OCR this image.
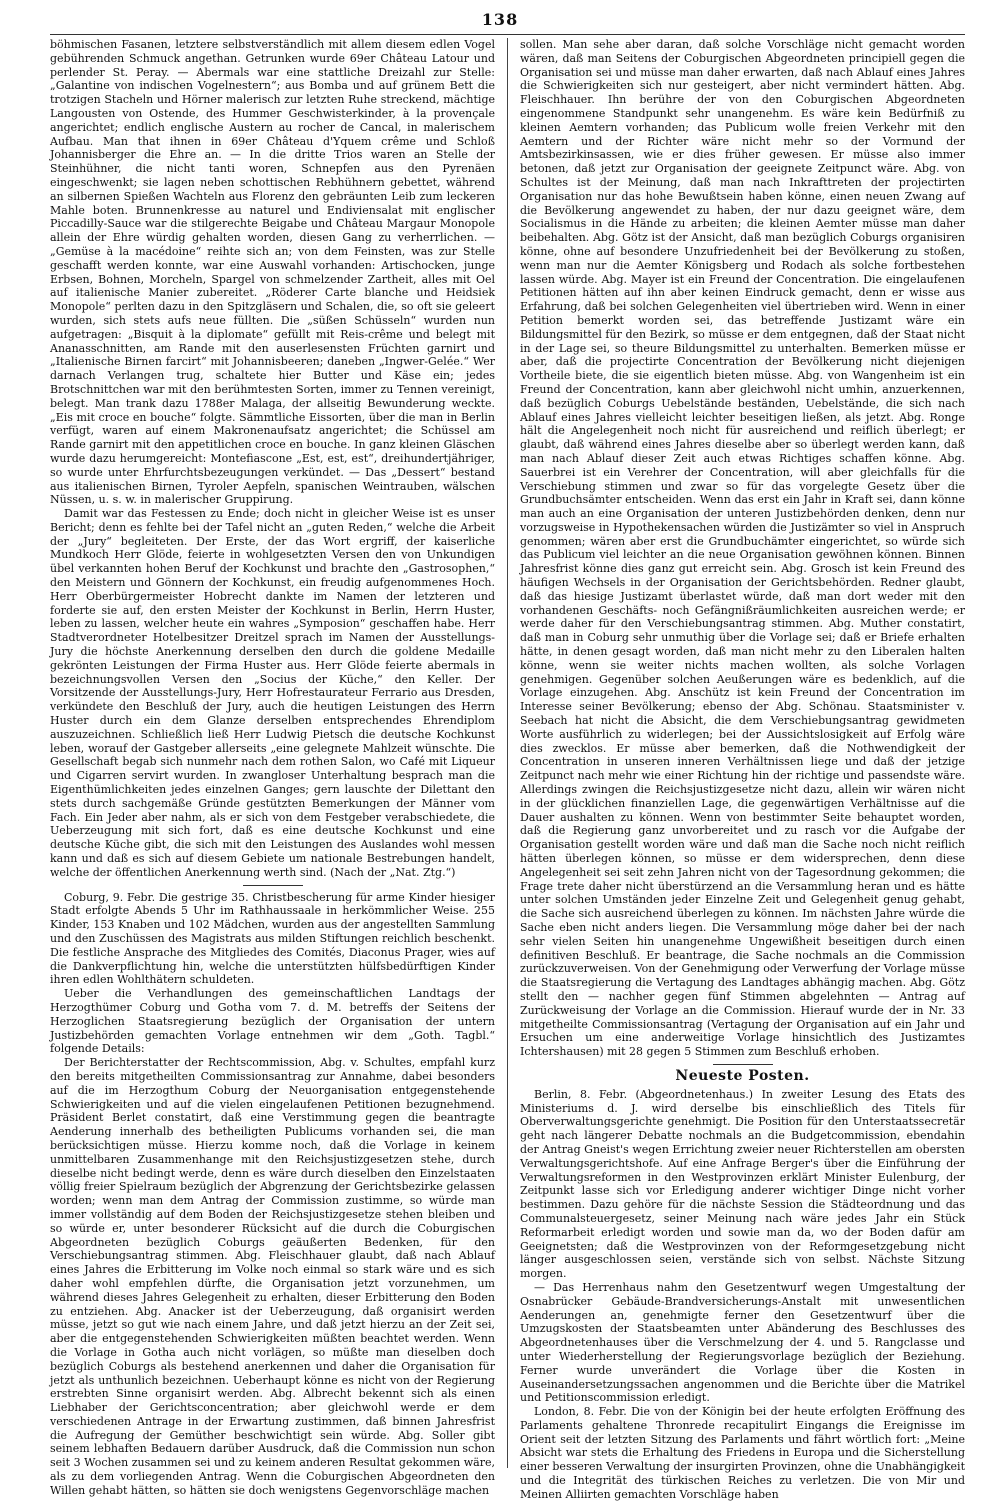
138

böhmischen Fasanen, letztere selbstverständlich mit allem diesem edlen Vogel gebührenden Schmuck angethan. Getrunken wurde 69er Château Latour und perlender St. Peray. — Abermals war eine stattliche Dreizahl zur Stelle: „Galantine von indischen Vogelnestern“; aus Bomba und auf grünem Bett die trotzigen Stacheln und Hörner malerisch zur letzten Ruhe streckend, mächtige Langousten von Ostende, des Hummer Geschwisterkinder, à la provençale angerichtet; endlich englische Austern au rocher de Cancal, in malerischem Aufbau. Man that ihnen in 69er Château d'Yquem crême und Schloß Johannisberger die Ehre an. — In die dritte Trios waren an Stelle der Steinhühner, die nicht tanti woren, Schnepfen aus den Pyrenäen eingeschwenkt; sie lagen neben schottischen Rebhühnern gebettet, während an silbernen Spießen Wachteln aus Florenz den gebräunten Leib zum leckeren Mahle boten. Brunnenkresse au naturel und Endiviensalat mit englischer Piccadilly-Sauce war die stilgerechte Beigabe und Château Margaur Monopole allein der Ehre würdig gehalten worden, diesen Gang zu verherrlichen. — „Gemüse à la macédoine“ reihte sich an; von dem Feinsten, was zur Stelle geschafft werden konnte, war eine Auswahl vorhanden: Artischocken, junge Erbsen, Bohnen, Morcheln, Spargel von schmelzender Zartheit, alles mit Oel auf italienische Manier zubereitet. „Röderer Carte blanche und Heidsiek Monopole“ perlten dazu in den Spitzgläsern und Schalen, die, so oft sie geleert wurden, sich stets aufs neue füllten. Die „süßen Schüsseln“ wurden nun aufgetragen: „Bisquit à la diplomate“ gefüllt mit Reis-crême und belegt mit Ananasschnitten, am Rande mit den auserlesensten Früchten garnirt und „Italienische Birnen farcirt“ mit Johannisbeeren; daneben „Ingwer-Gelée.“ Wer darnach Verlangen trug, schaltete hier Butter und Käse ein; jedes Brotschnittchen war mit den berühmtesten Sorten, immer zu Tennen vereinigt, belegt. Man trank dazu 1788er Malaga, der allseitig Bewunderung weckte. „Eis mit croce en bouche“ folgte. Sämmtliche Eissorten, über die man in Berlin verfügt, waren auf einem Makronenaufsatz angerichtet; die Schüssel am Rande garnirt mit den appetitlichen croce en bouche. In ganz kleinen Gläschen wurde dazu herumgereicht: Montefiascone „Est, est, est“, dreihundertjähriger, so wurde unter Ehrfurchtsbezeugungen verkündet. — Das „Dessert“ bestand aus italienischen Birnen, Tyroler Aepfeln, spanischen Weintrauben, wälschen Nüssen, u. s. w. in malerischer Gruppirung.

Damit war das Festessen zu Ende; doch nicht in gleicher Weise ist es unser Bericht; denn es fehlte bei der Tafel nicht an „guten Reden,“ welche die Arbeit der „Jury“ begleiteten. Der Erste, der das Wort ergriff, der kaiserliche Mundkoch Herr Glöde, feierte in wohlgesetzten Versen den von Unkundigen übel verkannten hohen Beruf der Kochkunst und brachte den „Gastrosophen,“ den Meistern und Gönnern der Kochkunst, ein freudig aufgenommenes Hoch. Herr Oberbürgermeister Hobrecht dankte im Namen der letzteren und forderte sie auf, den ersten Meister der Kochkunst in Berlin, Herrn Huster, leben zu lassen, welcher heute ein wahres „Symposion“ geschaffen habe. Herr Stadtverordneter Hotelbesitzer Dreitzel sprach im Namen der Ausstellungs-Jury die höchste Anerkennung derselben den durch die goldene Medaille gekrönten Leistungen der Firma Huster aus. Herr Glöde feierte abermals in bezeichnungsvollen Versen den „Socius der Küche,“ den Keller. Der Vorsitzende der Ausstellungs-Jury, Herr Hofrestaurateur Ferrario aus Dresden, verkündete den Beschluß der Jury, auch die heutigen Leistungen des Herrn Huster durch ein dem Glanze derselben entsprechendes Ehrendiplom auszuzeichnen. Schließlich ließ Herr Ludwig Pietsch die deutsche Kochkunst leben, worauf der Gastgeber allerseits „eine gelegnete Mahlzeit wünschte. Die Gesellschaft begab sich nunmehr nach dem rothen Salon, wo Café mit Liqueur und Cigarren servirt wurden. In zwangloser Unterhaltung besprach man die Eigenthümlichkeiten jedes einzelnen Ganges; gern lauschte der Dilettant den stets durch sachgemäße Gründe gestützten Bemerkungen der Männer vom Fach. Ein Jeder aber nahm, als er sich von dem Festgeber verabschiedete, die Ueberzeugung mit sich fort, daß es eine deutsche Kochkunst und eine deutsche Küche gibt, die sich mit den Leistungen des Auslandes wohl messen kann und daß es sich auf diesem Gebiete um nationale Bestrebungen handelt, welche der öffentlichen Anerkennung werth sind. (Nach der „Nat. Ztg.“)

Coburg, 9. Febr. Die gestrige 35. Christbescherung für arme Kinder hiesiger Stadt erfolgte Abends 5 Uhr im Rathhaussaale in herkömmlicher Weise. 255 Kinder, 153 Knaben und 102 Mädchen, wurden aus der angestellten Sammlung und den Zuschüssen des Magistrats aus milden Stiftungen reichlich beschenkt. Die festliche Ansprache des Mitgliedes des Comités, Diaconus Prager, wies auf die Dankverpflichtung hin, welche die unterstützten hülfsbedürftigen Kinder ihren edlen Wohlthätern schuldeten.

Ueber die Verhandlungen des gemeinschaftlichen Landtags der Herzogthümer Coburg und Gotha vom 7. d. M. betreffs der Seitens der Herzoglichen Staatsregierung bezüglich der Organisation der untern Justizbehörden gemachten Vorlage entnehmen wir dem „Goth. Tagbl.“ folgende Details:

Der Berichterstatter der Rechtscommission, Abg. v. Schultes, empfahl kurz den bereits mitgetheilten Commissionsantrag zur Annahme, dabei besonders auf die im Herzogthum Coburg der Neuorganisation entgegenstehende Schwierigkeiten und auf die vielen eingelaufenen Petitionen bezugnehmend. Präsident Berlet constatirt, daß eine Verstimmung gegen die beantragte Aenderung innerhalb des betheiligten Publicums vorhanden sei, die man berücksichtigen müsse. Hierzu komme noch, daß die Vorlage in keinem unmittelbaren Zusammenhange mit den Reichsjustizgesetzen stehe, durch dieselbe nicht bedingt werde, denn es wäre durch dieselben den Einzelstaaten völlig freier Spielraum bezüglich der Abgrenzung der Gerichtsbezirke gelassen worden; wenn man dem Antrag der Commission zustimme, so würde man immer vollständig auf dem Boden der Reichsjustizgesetze stehen bleiben und so würde er, unter besonderer Rücksicht auf die durch die Coburgischen Abgeordneten bezüglich Coburgs geäußerten Bedenken, für den Verschiebungsantrag stimmen. Abg. Fleischhauer glaubt, daß nach Ablauf eines Jahres die Erbitterung im Volke noch einmal so stark wäre und es sich daher wohl empfehlen dürfte, die Organisation jetzt vorzunehmen, um während dieses Jahres Gelegenheit zu erhalten, dieser Erbitterung den Boden zu entziehen. Abg. Anacker ist der Ueberzeugung, daß organisirt werden müsse, jetzt so gut wie nach einem Jahre, und daß jetzt hierzu an der Zeit sei, aber die entgegenstehenden Schwierigkeiten müßten beachtet werden. Wenn die Vorlage in Gotha auch nicht vorlägen, so müßte man dieselben doch bezüglich Coburgs als bestehend anerkennen und daher die Organisation für jetzt als unthunlich bezeichnen. Ueberhaupt könne es nicht von der Regierung erstrebten Sinne organisirt werden. Abg. Albrecht bekennt sich als einen Liebhaber der Gerichtsconcentration; aber gleichwohl werde er dem verschiedenen Antrage in der Erwartung zustimmen, daß binnen Jahresfrist die Aufregung der Gemüther beschwichtigt sein würde. Abg. Soller gibt seinem lebhaften Bedauern darüber Ausdruck, daß die Commission nun schon seit 3 Wochen zusammen sei und zu keinem anderen Resultat gekommen wäre, als zu dem vorliegenden Antrag. Wenn die Coburgischen Abgeordneten den Willen gehabt hätten, so hätten sie doch wenigstens Gegenvorschläge machen

sollen. Man sehe aber daran, daß solche Vorschläge nicht gemacht worden wären, daß man Seitens der Coburgischen Abgeordneten principiell gegen die Organisation sei und müsse man daher erwarten, daß nach Ablauf eines Jahres die Schwierigkeiten sich nur gesteigert, aber nicht vermindert hätten. Abg. Fleischhauer. Ihn berühre der von den Coburgischen Abgeordneten eingenommene Standpunkt sehr unangenehm. Es wäre kein Bedürfniß zu kleinen Aemtern vorhanden; das Publicum wolle freien Verkehr mit den Aemtern und der Richter wäre nicht mehr so der Vormund der Amtsbezirkinsassen, wie er dies früher gewesen. Er müsse also immer betonen, daß jetzt zur Organisation der geeignete Zeitpunct wäre. Abg. von Schultes ist der Meinung, daß man nach Inkrafttreten der projectirten Organisation nur das hohe Bewußtsein haben könne, einen neuen Zwang auf die Bevölkerung angewendet zu haben, der nur dazu geeignet wäre, dem Socialismus in die Hände zu arbeiten; die kleinen Aemter müsse man daher beibehalten. Abg. Götz ist der Ansicht, daß man bezüglich Coburgs organisiren könne, ohne auf besondere Unzufriedenheit bei der Bevölkerung zu stoßen, wenn man nur die Aemter Königsberg und Rodach als solche fortbestehen lassen würde. Abg. Mayer ist ein Freund der Concentration. Die eingelaufenen Petitionen hätten auf ihn aber keinen Eindruck gemacht, denn er wisse aus Erfahrung, daß bei solchen Gelegenheiten viel übertrieben wird. Wenn in einer Petition bemerkt worden sei, das betreffende Justizamt wäre ein Bildungsmittel für den Bezirk, so müsse er dem entgegnen, daß der Staat nicht in der Lage sei, so theure Bildungsmittel zu unterhalten. Bemerken müsse er aber, daß die projectirte Concentration der Bevölkerung nicht diejenigen Vortheile biete, die sie eigentlich bieten müsse. Abg. von Wangenheim ist ein Freund der Concentration, kann aber gleichwohl nicht umhin, anzuerkennen, daß bezüglich Coburgs Uebelstände beständen, Uebelstände, die sich nach Ablauf eines Jahres vielleicht leichter beseitigen ließen, als jetzt. Abg. Ronge hält die Angelegenheit noch nicht für ausreichend und reiflich überlegt; er glaubt, daß während eines Jahres dieselbe aber so überlegt werden kann, daß man nach Ablauf dieser Zeit auch etwas Richtiges schaffen könne. Abg. Sauerbrei ist ein Verehrer der Concentration, will aber gleichfalls für die Verschiebung stimmen und zwar so für das vorgelegte Gesetz über die Grundbuchsämter entscheiden. Wenn das erst ein Jahr in Kraft sei, dann könne man auch an eine Organisation der unteren Justizbehörden denken, denn nur vorzugsweise in Hypothekensachen würden die Justizämter so viel in Anspruch genommen; wären aber erst die Grundbuchämter eingerichtet, so würde sich das Publicum viel leichter an die neue Organisation gewöhnen können. Binnen Jahresfrist könne dies ganz gut erreicht sein. Abg. Grosch ist kein Freund des häufigen Wechsels in der Organisation der Gerichtsbehörden. Redner glaubt, daß das hiesige Justizamt überlastet würde, daß man dort weder mit den vorhandenen Geschäfts- noch Gefängnißräumlichkeiten ausreichen werde; er werde daher für den Verschiebungsantrag stimmen. Abg. Muther constatirt, daß man in Coburg sehr unmuthig über die Vorlage sei; daß er Briefe erhalten hätte, in denen gesagt worden, daß man nicht mehr zu den Liberalen halten könne, wenn sie weiter nichts machen wollten, als solche Vorlagen genehmigen. Gegenüber solchen Aeußerungen wäre es bedenklich, auf die Vorlage einzugehen. Abg. Anschütz ist kein Freund der Concentration im Interesse seiner Bevölkerung; ebenso der Abg. Schönau. Staatsminister v. Seebach hat nicht die Absicht, die dem Verschiebungsantrag gewidmeten Worte ausführlich zu widerlegen; bei der Aussichtslosigkeit auf Erfolg wäre dies zwecklos. Er müsse aber bemerken, daß die Nothwendigkeit der Concentration in unseren inneren Verhältnissen liege und daß der jetzige Zeitpunct nach mehr wie einer Richtung hin der richtige und passendste wäre. Allerdings zwingen die Reichsjustizgesetze nicht dazu, allein wir wären nicht in der glücklichen finanziellen Lage, die gegenwärtigen Verhältnisse auf die Dauer aushalten zu können. Wenn von bestimmter Seite behauptet worden, daß die Regierung ganz unvorbereitet und zu rasch vor die Aufgabe der Organisation gestellt worden wäre und daß man die Sache noch nicht reiflich hätten überlegen können, so müsse er dem widersprechen, denn diese Angelegenheit sei seit zehn Jahren nicht von der Tagesordnung gekommen; die Frage trete daher nicht überstürzend an die Versammlung heran und es hätte unter solchen Umständen jeder Einzelne Zeit und Gelegenheit genug gehabt, die Sache sich ausreichend überlegen zu können. Im nächsten Jahre würde die Sache eben nicht anders liegen. Die Versammlung möge daher bei der nach sehr vielen Seiten hin unangenehme Ungewißheit beseitigen durch einen definitiven Beschluß. Er beantrage, die Sache nochmals an die Commission zurückzuverweisen. Von der Genehmigung oder Verwerfung der Vorlage müsse die Staatsregierung die Vertagung des Landtages abhängig machen. Abg. Götz stellt den — nachher gegen fünf Stimmen abgelehnten — Antrag auf Zurückweisung der Vorlage an die Commission. Hierauf wurde der in Nr. 33 mitgetheilte Commissionsantrag (Vertagung der Organisation auf ein Jahr und Ersuchen um eine anderweitige Vorlage hinsichtlich des Justizamtes Ichtershausen) mit 28 gegen 5 Stimmen zum Beschluß erhoben.

Neueste Posten.

Berlin, 8. Febr. (Abgeordnetenhaus.) In zweiter Lesung des Etats des Ministeriums d. J. wird derselbe bis einschließlich des Titels für Oberverwaltungsgerichte genehmigt. Die Position für den Unterstaatssecretär geht nach längerer Debatte nochmals an die Budgetcommission, ebendahin der Antrag Gneist's wegen Errichtung zweier neuer Richterstellen am obersten Verwaltungsgerichtshofe. Auf eine Anfrage Berger's über die Einführung der Verwaltungsreformen in den Westprovinzen erklärt Minister Eulenburg, der Zeitpunkt lasse sich vor Erledigung anderer wichtiger Dinge nicht vorher bestimmen. Dazu gehöre für die nächste Session die Städteordnung und das Communalsteuergesetz, seiner Meinung nach wäre jedes Jahr ein Stück Reformarbeit erledigt worden und sowie man da, wo der Boden dafür am Geeignetsten; daß die Westprovinzen von der Reformgesetzgebung nicht länger ausgeschlossen seien, verstände sich von selbst. Nächste Sitzung morgen.

— Das Herrenhaus nahm den Gesetzentwurf wegen Umgestaltung der Osnabrücker Gebäude-Brandversicherungs-Anstalt mit unwesentlichen Aenderungen an, genehmigte ferner den Gesetzentwurf über die Umzugskosten der Staatsbeamten unter Abänderung des Beschlusses des Abgeordnetenhauses über die Verschmelzung der 4. und 5. Rangclasse und unter Wiederherstellung der Regierungsvorlage bezüglich der Beziehung. Ferner wurde unverändert die Vorlage über die Kosten in Auseinandersetzungssachen angenommen und die Berichte über die Matrikel und Petitionscommission erledigt.

London, 8. Febr. Die von der Königin bei der heute erfolgten Eröffnung des Parlaments gehaltene Thronrede recapitulirt Eingangs die Ereignisse im Orient seit der letzten Sitzung des Parlaments und fährt wörtlich fort: „Meine Absicht war stets die Erhaltung des Friedens in Europa und die Sicherstellung einer besseren Verwaltung der insurgirten Provinzen, ohne die Unabhängigkeit und die Integrität des türkischen Reiches zu verletzen. Die von Mir und Meinen Alliirten gemachten Vorschläge haben
